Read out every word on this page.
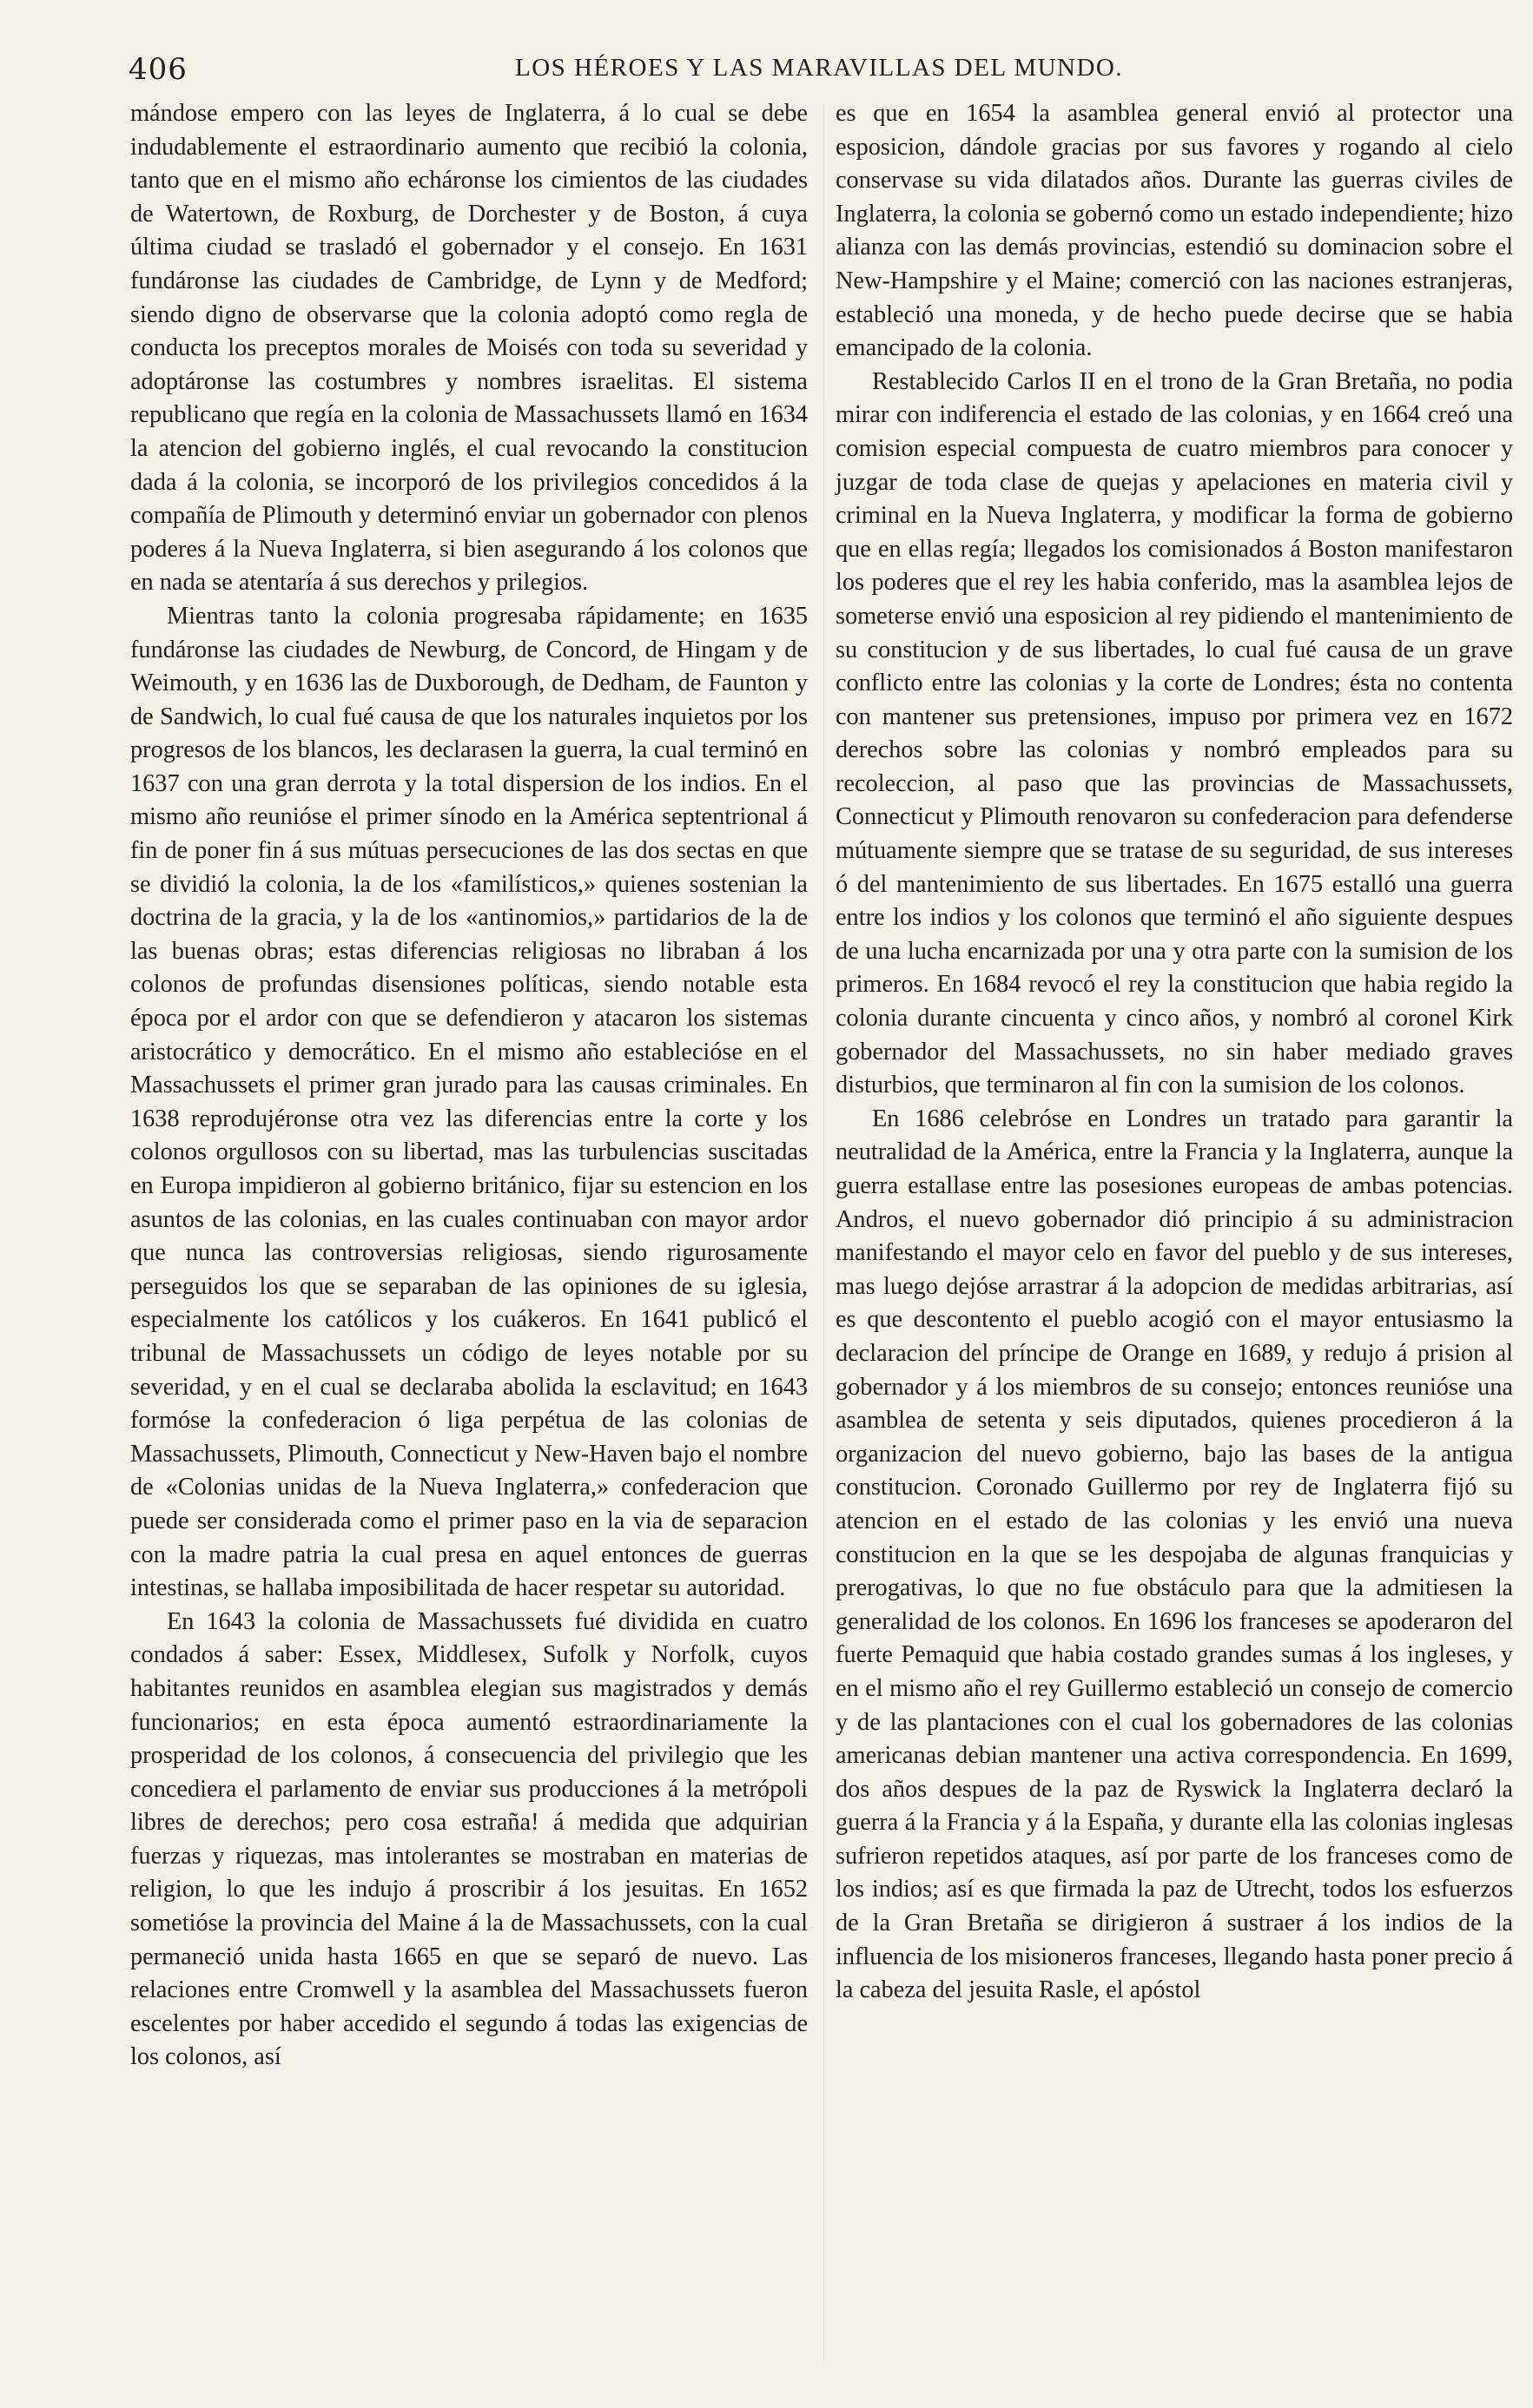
406	LOS HÉROES Y LAS MARAVILLAS DEL MUNDO.

mándose empero con las leyes de Inglaterra, á lo cual se debe indudablemente el estraordinario aumento que recibió la colonia, tanto que en el mismo año echáronse los cimientos de las ciudades de Watertown, de Roxburg, de Dorchester y de Boston, á cuya última ciudad se trasladó el gobernador y el consejo. En 1631 fundáronse las ciudades de Cambridge, de Lynn y de Medford; siendo digno de observarse que la colonia adoptó como regla de conducta los preceptos morales de Moisés con toda su severidad y adoptáronse las costumbres y nombres israelitas. El sistema republicano que regía en la colonia de Massachussets llamó en 1634 la atencion del gobierno inglés, el cual revocando la constitucion dada á la colonia, se incorporó de los privilegios concedidos á la compañía de Plimouth y determinó enviar un gobernador con plenos poderes á la Nueva Inglaterra, si bien asegurando á los colonos que en nada se atentaría á sus derechos y prilegios.

Mientras tanto la colonia progresaba rápidamente; en 1635 fundáronse las ciudades de Newburg, de Concord, de Hingam y de Weimouth, y en 1636 las de Duxborough, de Dedham, de Faunton y de Sandwich, lo cual fué causa de que los naturales inquietos por los progresos de los blancos, les declarasen la guerra, la cual terminó en 1637 con una gran derrota y la total dispersion de los indios. En el mismo año reunióse el primer sínodo en la América septentrional á fin de poner fin á sus mútuas persecuciones de las dos sectas en que se dividió la colonia, la de los «familísticos,» quienes sostenian la doctrina de la gracia, y la de los «antinomios,» partidarios de la de las buenas obras; estas diferencias religiosas no libraban á los colonos de profundas disensiones políticas, siendo notable esta época por el ardor con que se defendieron y atacaron los sistemas aristocrático y democrático. En el mismo año establecióse en el Massachussets el primer gran jurado para las causas criminales. En 1638 reprodujéronse otra vez las diferencias entre la corte y los colonos orgullosos con su libertad, mas las turbulencias suscitadas en Europa impidieron al gobierno británico, fijar su estencion en los asuntos de las colonias, en las cuales continuaban con mayor ardor que nunca las controversias religiosas, siendo rigurosamente perseguidos los que se separaban de las opiniones de su iglesia, especialmente los católicos y los cuákeros. En 1641 publicó el tribunal de Massachussets un código de leyes notable por su severidad, y en el cual se declaraba abolida la esclavitud; en 1643 formóse la confederacion ó liga perpétua de las colonias de Massachussets, Plimouth, Connecticut y New-Haven bajo el nombre de «Colonias unidas de la Nueva Inglaterra,» confederacion que puede ser considerada como el primer paso en la via de separacion con la madre patria la cual presa en aquel entonces de guerras intestinas, se hallaba imposibilitada de hacer respetar su autoridad.

En 1643 la colonia de Massachussets fué dividida en cuatro condados á saber: Essex, Middlesex, Sufolk y Norfolk, cuyos habitantes reunidos en asamblea elegian sus magistrados y demás funcionarios; en esta época aumentó estraordinariamente la prosperidad de los colonos, á consecuencia del privilegio que les concediera el parlamento de enviar sus producciones á la metrópoli libres de derechos; pero cosa estraña! á medida que adquirian fuerzas y riquezas, mas intolerantes se mostraban en materias de religion, lo que les indujo á proscribir á los jesuitas. En 1652 sometióse la provincia del Maine á la de Massachussets, con la cual permaneció unida hasta 1665 en que se separó de nuevo. Las relaciones entre Cromwell y la asamblea del Massachussets fueron escelentes por haber accedido el segundo á todas las exigencias de los colonos, así

es que en 1654 la asamblea general envió al protector una esposicion, dándole gracias por sus favores y rogando al cielo conservase su vida dilatados años. Durante las guerras civiles de Inglaterra, la colonia se gobernó como un estado independiente; hizo alianza con las demás provincias, estendió su dominacion sobre el New-Hampshire y el Maine; comerció con las naciones estranjeras, estableció una moneda, y de hecho puede decirse que se habia emancipado de la colonia.

Restablecido Carlos II en el trono de la Gran Bretaña, no podia mirar con indiferencia el estado de las colonias, y en 1664 creó una comision especial compuesta de cuatro miembros para conocer y juzgar de toda clase de quejas y apelaciones en materia civil y criminal en la Nueva Inglaterra, y modificar la forma de gobierno que en ellas regía; llegados los comisionados á Boston manifestaron los poderes que el rey les habia conferido, mas la asamblea lejos de someterse envió una esposicion al rey pidiendo el mantenimiento de su constitucion y de sus libertades, lo cual fué causa de un grave conflicto entre las colonias y la corte de Londres; ésta no contenta con mantener sus pretensiones, impuso por primera vez en 1672 derechos sobre las colonias y nombró empleados para su recoleccion, al paso que las provincias de Massachussets, Connecticut y Plimouth renovaron su confederacion para defenderse mútuamente siempre que se tratase de su seguridad, de sus intereses ó del mantenimiento de sus libertades. En 1675 estalló una guerra entre los indios y los colonos que terminó el año siguiente despues de una lucha encarnizada por una y otra parte con la sumision de los primeros. En 1684 revocó el rey la constitucion que habia regido la colonia durante cincuenta y cinco años, y nombró al coronel Kirk gobernador del Massachussets, no sin haber mediado graves disturbios, que terminaron al fin con la sumision de los colonos.

En 1686 celebróse en Londres un tratado para garantir la neutralidad de la América, entre la Francia y la Inglaterra, aunque la guerra estallase entre las posesiones europeas de ambas potencias. Andros, el nuevo gobernador dió principio á su administracion manifestando el mayor celo en favor del pueblo y de sus intereses, mas luego dejóse arrastrar á la adopcion de medidas arbitrarias, así es que descontento el pueblo acogió con el mayor entusiasmo la declaracion del príncipe de Orange en 1689, y redujo á prision al gobernador y á los miembros de su consejo; entonces reunióse una asamblea de setenta y seis diputados, quienes procedieron á la organizacion del nuevo gobierno, bajo las bases de la antigua constitucion. Coronado Guillermo por rey de Inglaterra fijó su atencion en el estado de las colonias y les envió una nueva constitucion en la que se les despojaba de algunas franquicias y prerogativas, lo que no fue obstáculo para que la admitiesen la generalidad de los colonos. En 1696 los franceses se apoderaron del fuerte Pemaquid que habia costado grandes sumas á los ingleses, y en el mismo año el rey Guillermo estableció un consejo de comercio y de las plantaciones con el cual los gobernadores de las colonias americanas debian mantener una activa correspondencia. En 1699, dos años despues de la paz de Ryswick la Inglaterra declaró la guerra á la Francia y á la España, y durante ella las colonias inglesas sufrieron repetidos ataques, así por parte de los franceses como de los indios; así es que firmada la paz de Utrecht, todos los esfuerzos de la Gran Bretaña se dirigieron á sustraer á los indios de la influencia de los misioneros franceses, llegando hasta poner precio á la cabeza del jesuita Rasle, el apóstol
